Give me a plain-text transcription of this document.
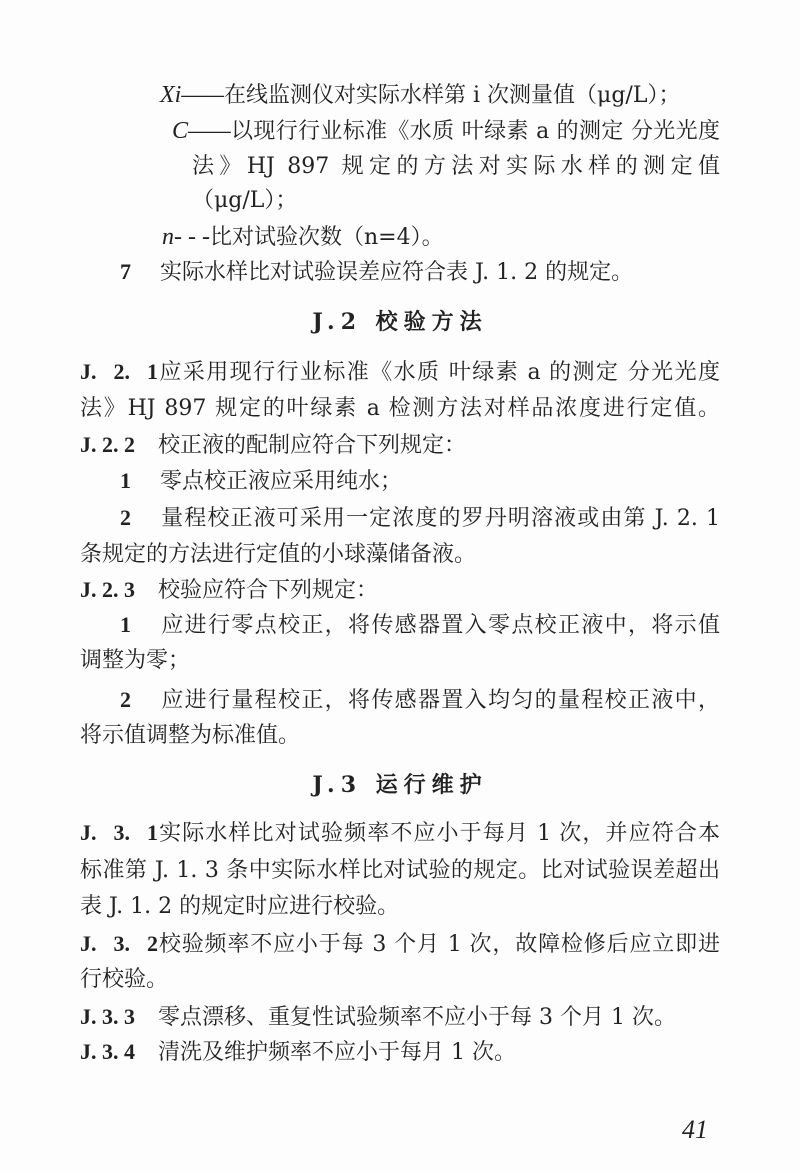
Xi——在线监测仪对实际水样第 i 次测量值（μg/L）；
C——以现行行业标准《水质 叶绿素 a 的测定 分光光度
法》HJ 897 规定的方法对实际水样的测定值
（μg/L）；
n- - -比对试验次数（n=4）。
7 实际水样比对试验误差应符合表 J. 1. 2 的规定。
J.2 校验方法
J. 2. 1应采用现行行业标准《水质 叶绿素 a 的测定 分光光度
法》HJ 897 规定的叶绿素 a 检测方法对样品浓度进行定值。
J. 2. 2 校正液的配制应符合下列规定：
1 零点校正液应采用纯水；
2 量程校正液可采用一定浓度的罗丹明溶液或由第 J. 2. 1
条规定的方法进行定值的小球藻储备液。
J. 2. 3 校验应符合下列规定：
1 应进行零点校正，将传感器置入零点校正液中，将示值
调整为零；
2 应进行量程校正，将传感器置入均匀的量程校正液中，
将示值调整为标准值。
J.3 运行维护
J. 3. 1实际水样比对试验频率不应小于每月 1 次，并应符合本
标准第 J. 1. 3 条中实际水样比对试验的规定。比对试验误差超出
表 J. 1. 2 的规定时应进行校验。
J. 3. 2校验频率不应小于每 3 个月 1 次，故障检修后应立即进
行校验。
J. 3. 3 零点漂移、重复性试验频率不应小于每 3 个月 1 次。
J. 3. 4 清洗及维护频率不应小于每月 1 次。
41
